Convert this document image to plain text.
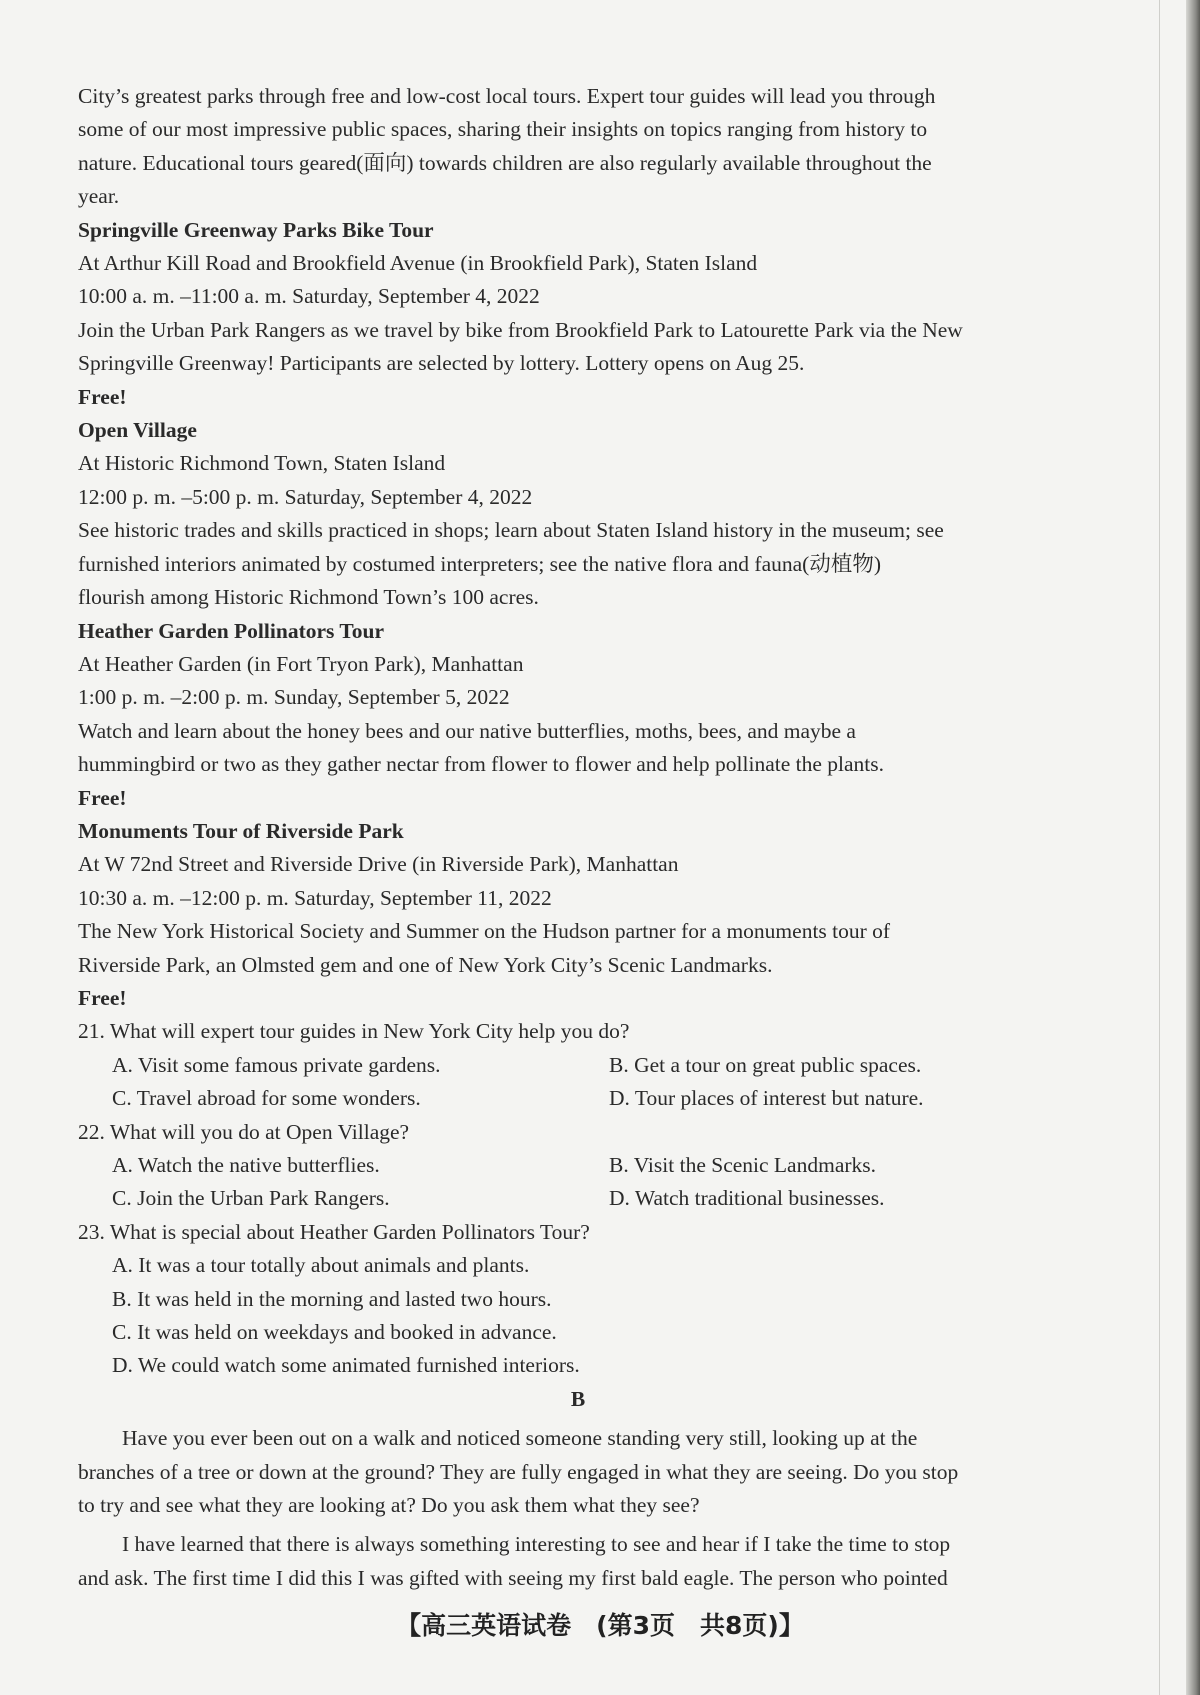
City’s greatest parks through free and low-cost local tours. Expert tour guides will lead you through
some of our most impressive public spaces, sharing their insights on topics ranging from history to
nature. Educational tours geared(面向) towards children are also regularly available throughout the
year.
Springville Greenway Parks Bike Tour
At Arthur Kill Road and Brookfield Avenue (in Brookfield Park), Staten Island
10:00 a. m. –11:00 a. m. Saturday, September 4, 2022
Join the Urban Park Rangers as we travel by bike from Brookfield Park to Latourette Park via the New
Springville Greenway! Participants are selected by lottery. Lottery opens on Aug 25.
Free!
Open Village
At Historic Richmond Town, Staten Island
12:00 p. m. –5:00 p. m. Saturday, September 4, 2022
See historic trades and skills practiced in shops; learn about Staten Island history in the museum; see
furnished interiors animated by costumed interpreters; see the native flora and fauna(动植物)
flourish among Historic Richmond Town’s 100 acres.
Heather Garden Pollinators Tour
At Heather Garden (in Fort Tryon Park), Manhattan
1:00 p. m. –2:00 p. m. Sunday, September 5, 2022
Watch and learn about the honey bees and our native butterflies, moths, bees, and maybe a
hummingbird or two as they gather nectar from flower to flower and help pollinate the plants.
Free!
Monuments Tour of Riverside Park
At W 72nd Street and Riverside Drive (in Riverside Park), Manhattan
10:30 a. m. –12:00 p. m. Saturday, September 11, 2022
The New York Historical Society and Summer on the Hudson partner for a monuments tour of
Riverside Park, an Olmsted gem and one of New York City’s Scenic Landmarks.
Free!
21. What will expert tour guides in New York City help you do?
A. Visit some famous private gardens.	B. Get a tour on great public spaces.
C. Travel abroad for some wonders.	D. Tour places of interest but nature.
22. What will you do at Open Village?
A. Watch the native butterflies.	B. Visit the Scenic Landmarks.
C. Join the Urban Park Rangers.	D. Watch traditional businesses.
23. What is special about Heather Garden Pollinators Tour?
A. It was a tour totally about animals and plants.
B. It was held in the morning and lasted two hours.
C. It was held on weekdays and booked in advance.
D. We could watch some animated furnished interiors.
B
Have you ever been out on a walk and noticed someone standing very still, looking up at the
branches of a tree or down at the ground? They are fully engaged in what they are seeing. Do you stop
to try and see what they are looking at? Do you ask them what they see?
I have learned that there is always something interesting to see and hear if I take the time to stop
and ask. The first time I did this I was gifted with seeing my first bald eagle. The person who pointed
【高三英语试卷　(第3页　共8页)】
